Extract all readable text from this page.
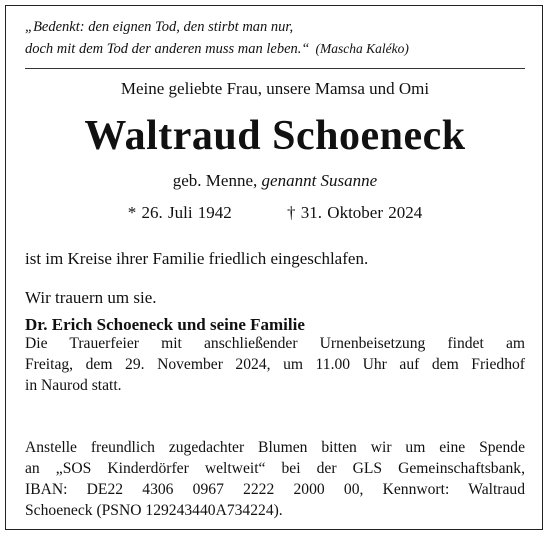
„Bedenkt: den eignen Tod, den stirbt man nur,
doch mit dem Tod der anderen muss man leben.“ (Mascha Kaléko)
Meine geliebte Frau, unsere Mamsa und Omi
Waltraud Schoeneck
geb. Menne, genannt Susanne
* 26. Juli 1942	† 31. Oktober 2024
ist im Kreise ihrer Familie friedlich eingeschlafen.
Wir trauern um sie.
Dr. Erich Schoeneck und seine Familie
Die Trauerfeier mit anschließender Urnenbeisetzung findet am
Freitag, dem 29. November 2024, um 11.00 Uhr auf dem Friedhof
in Naurod statt.
Anstelle freundlich zugedachter Blumen bitten wir um eine Spende
an „SOS Kinderdörfer weltweit“ bei der GLS Gemeinschaftsbank,
IBAN: DE22 4306 0967 2222 2000 00, Kennwort: Waltraud
Schoeneck (PSNO 129243440A734224).
